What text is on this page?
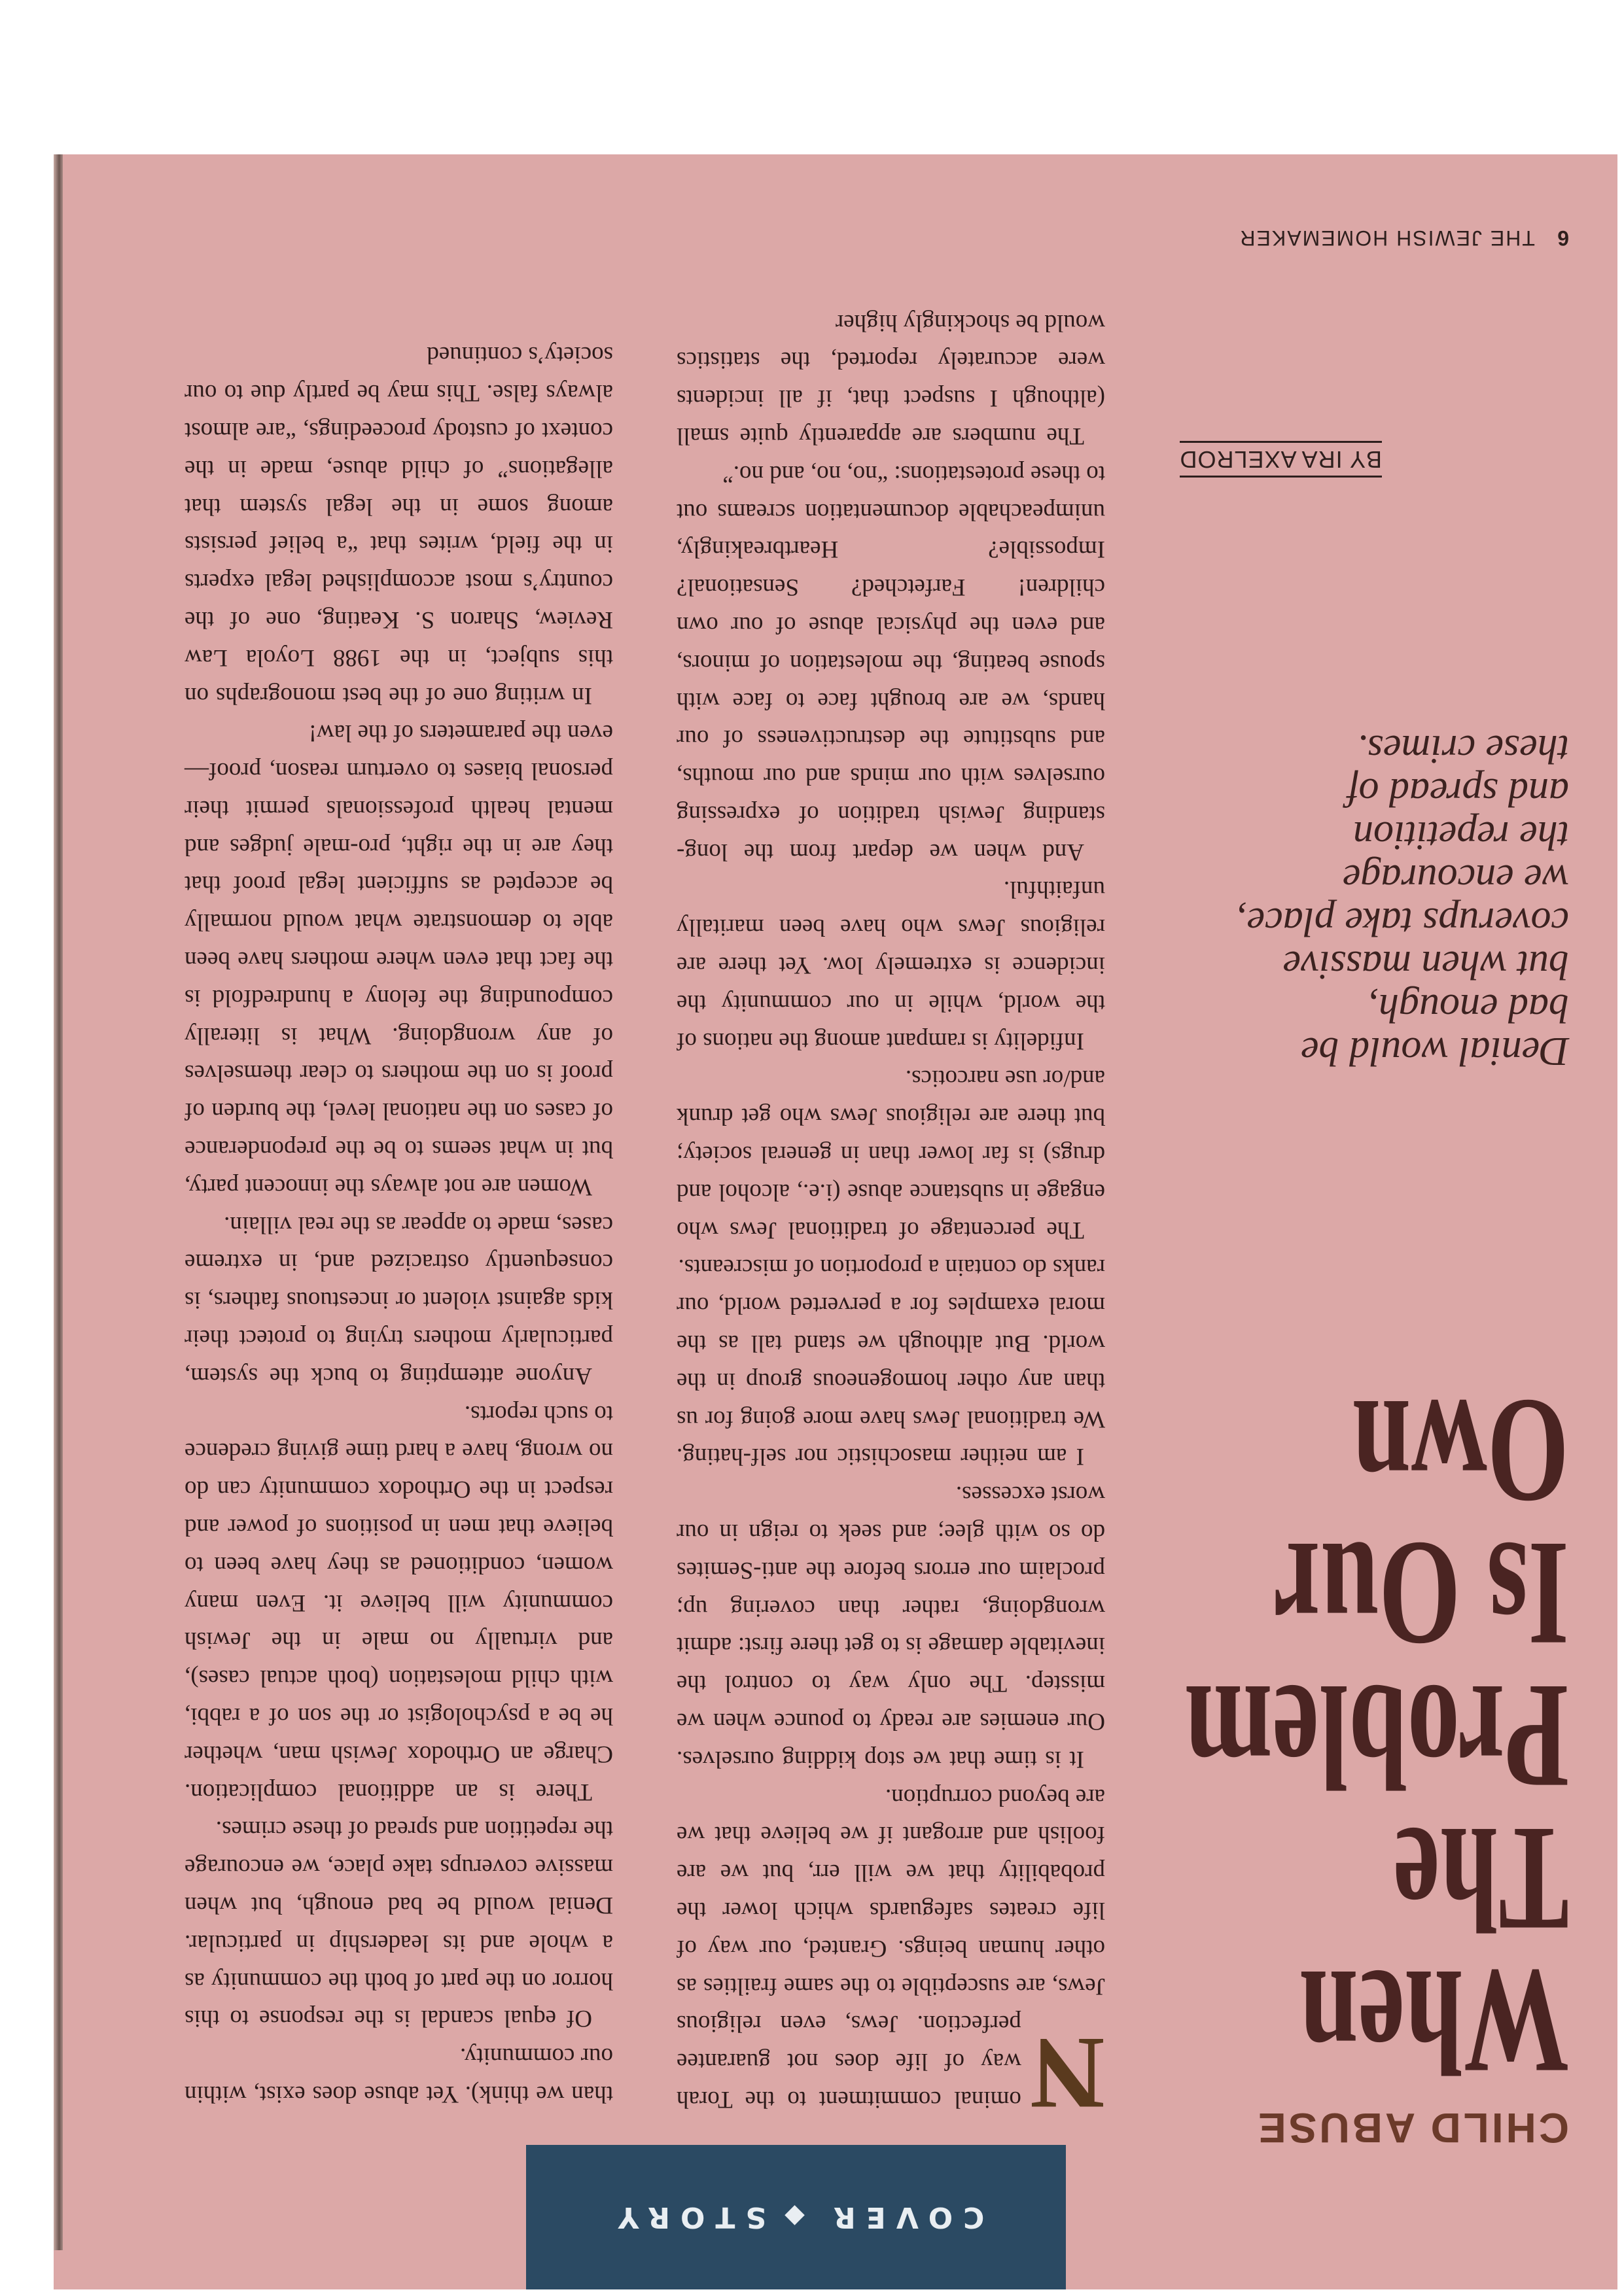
COVER
◆
STORY
CHILD ABUSE
When
The
Problem
Is Our
Own
Denial would be
bad enough,
but when massive
coverups take place,
we encourage
the repetition
and spread of
these crimes.
BY IRA AXELROD
6 THE JEWISH HOMEMAKER

N
ominal commitment to the Torah way of life does not guarantee perfection. Jews, even religious Jews, are susceptible to the same frailties as other human beings. Granted, our way of life creates safeguards which lower the probability that we will err, but we are foolish and arrogant if we believe that we are beyond corruption.

It is time that we stop kidding ourselves. Our enemies are ready to pounce when we misstep. The only way to control the inevitable damage is to get there first: admit wrongdoing, rather than covering up; proclaim our errors before the anti-Semites do so with glee; and seek to reign in our worst excesses.

I am neither masochistic nor self-hating. We traditional Jews have more going for us than any other homogeneous group in the world. But although we stand tall as the moral examples for a perverted world, our ranks do contain a proportion of miscreants.

The percentage of traditional Jews who engage in substance abuse (i.e., alcohol and drugs) is far lower than in general society; but there are religious Jews who get drunk and/or use narcotics.

Infidelity is rampant among the nations of the world, while in our community the incidence is extremely low. Yet there are religious Jews who have been maritally unfaithful.

And when we depart from the long-standing Jewish tradition of expressing ourselves with our minds and our mouths, and substitute the destructiveness of our hands, we are brought face to face with spouse beating, the molestation of minors, and even the physical abuse of our own children! Farfetched? Sensational? Impossible? Heartbreakingly, unimpeachable documentation screams out to these protestations: “no, no, and no.”

The numbers are apparently quite small (although I suspect that, if all incidents were accurately reported, the statistics would be shockingly higher

than we think). Yet abuse does exist, within our community.

Of equal scandal is the response to this horror on the part of both the community as a whole and its leadership in particular. Denial would be bad enough, but when massive coverups take place, we encourage the repetition and spread of these crimes.

There is an additional complication. Charge an Orthodox Jewish man, whether he be a psychologist or the son of a rabbi, with child molestation (both actual cases), and virtually no male in the Jewish community will believe it. Even many women, conditioned as they have been to believe that men in positions of power and respect in the Orthodox community can do no wrong, have a hard time giving credence to such reports.

Anyone attempting to buck the system, particularly mothers trying to protect their kids against violent or incestuous fathers, is consequently ostracized and, in extreme cases, made to appear as the real villain.

Women are not always the innocent party, but in what seems to be the preponderance of cases on the national level, the burden of proof is on the mothers to clear themselves of any wrongdoing. What is literally compounding the felony a hundredfold is the fact that even where mothers have been able to demonstrate what would normally be accepted as sufficient legal proof that they are in the right, pro-male judges and mental health professionals permit their personal biases to overturn reason, proof—even the parameters of the law!

In writing one of the best monographs on this subject, in the 1988 Loyola Law Review, Sharon S. Keating, one of the country’s most accomplished legal experts in the field, writes that “a belief persists among some in the legal system that allegations” of child abuse, made in the context of custody proceedings, “are almost always false. This may be partly due to our society’s continued
